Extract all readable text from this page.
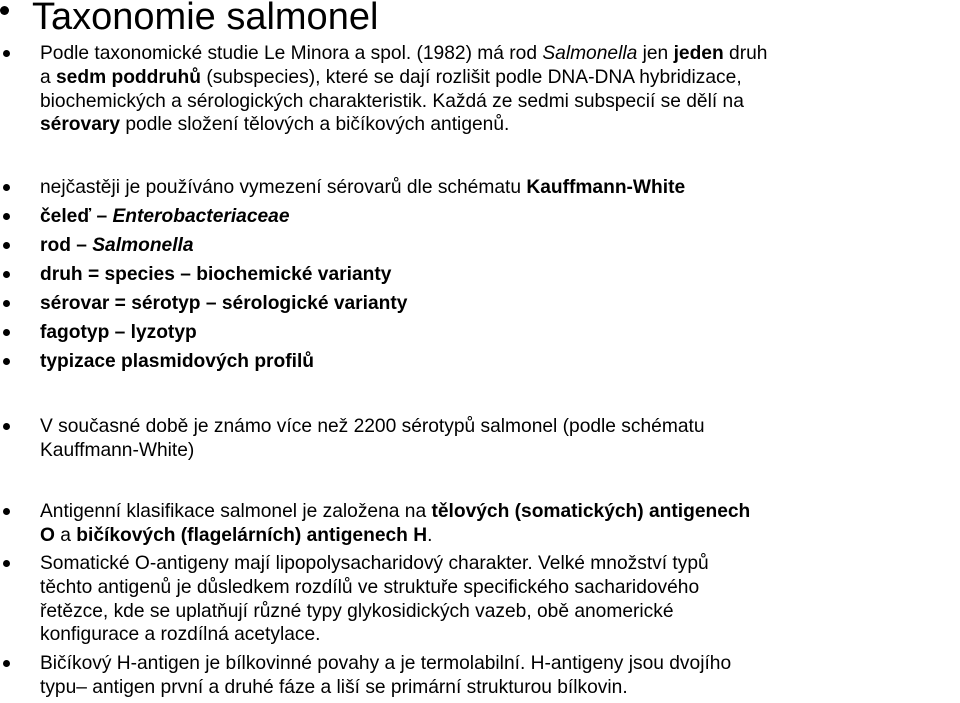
Taxonomie salmonel
Podle taxonomické studie Le Minora a spol. (1982) má rod Salmonella jen jeden druh
a sedm poddruhů (subspecies), které se dají rozlišit podle DNA-DNA hybridizace,
biochemických a sérologických charakteristik. Každá ze sedmi subspecií se dělí na
sérovary podle složení tělových a bičíkových antigenů.
nejčastěji je používáno vymezení sérovarů dle schématu Kauffmann-White
čeleď – Enterobacteriaceae
rod – Salmonella
druh = species – biochemické varianty
sérovar = sérotyp – sérologické varianty
fagotyp – lyzotyp
typizace plasmidových profilů
V současné době je známo více než 2200 sérotypů salmonel (podle schématu
Kauffmann-White)
Antigenní klasifikace salmonel je založena na tělových (somatických) antigenech
O a bičíkových (flagelárních) antigenech H.
Somatické O-antigeny mají lipopolysacharidový charakter. Velké množství typů
těchto antigenů je důsledkem rozdílů ve struktuře specifického sacharidového
řetězce, kde se uplatňují různé typy glykosidických vazeb, obě anomerické
konfigurace a rozdílná acetylace.
Bičíkový H-antigen je bílkovinné povahy a je termolabilní. H-antigeny jsou dvojího
typu– antigen první a druhé fáze a liší se primární strukturou bílkovin.
